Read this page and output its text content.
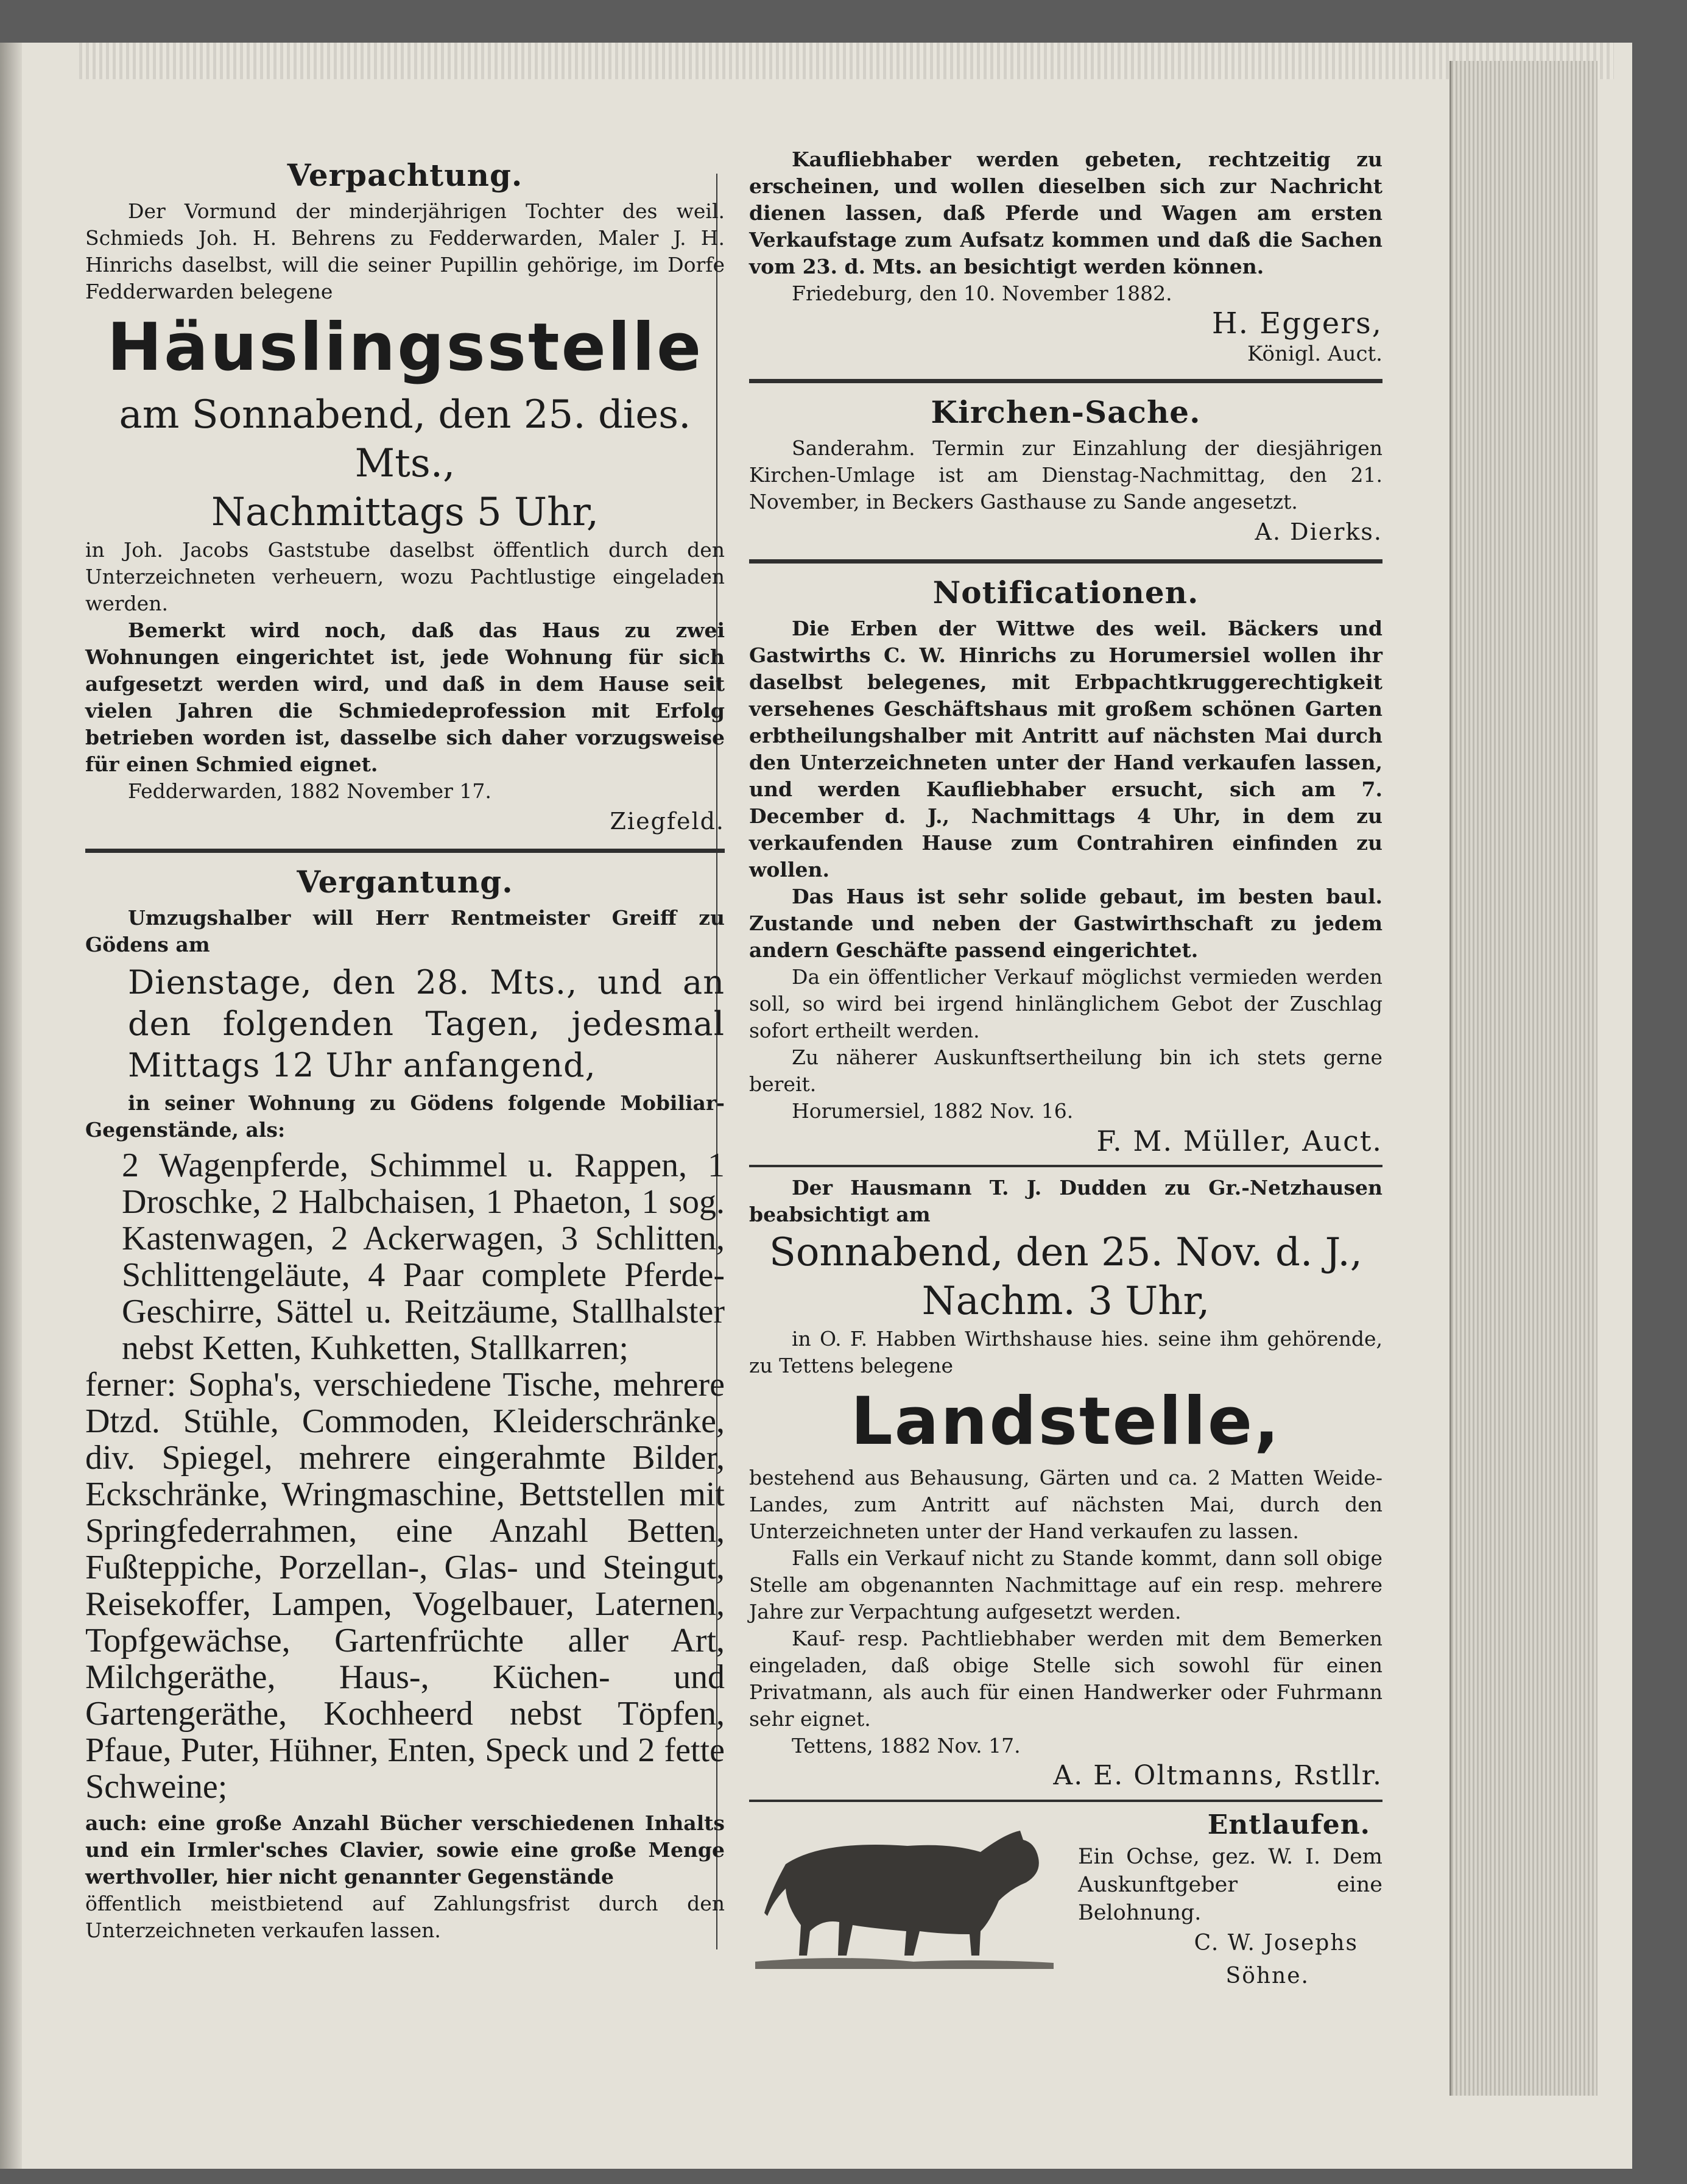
Verpachtung.

Der Vormund der minderjährigen Tochter des weil. Schmieds Joh. H. Behrens zu Fedderwarden, Maler J. H. Hinrichs daselbst, will die seiner Pupillin gehörige, im Dorfe Fedderwarden belegene

Häuslingsstelle

am Sonnabend, den 25. dies. Mts.,

Nachmittags 5 Uhr,

in Joh. Jacobs Gaststube daselbst öffentlich durch den Unterzeichneten verheuern, wozu Pachtlustige eingeladen werden.

Bemerkt wird noch, daß das Haus zu zwei Wohnungen eingerichtet ist, jede Wohnung für sich aufgesetzt werden wird, und daß in dem Hause seit vielen Jahren die Schmiedeprofession mit Erfolg betrieben worden ist, dasselbe sich daher vorzugsweise für einen Schmied eignet.

Fedderwarden, 1882 November 17.

Ziegfeld.

Vergantung.

Umzugshalber will Herr Rentmeister Greiff zu Gödens am

Dienstage, den 28. Mts., und an den folgenden Tagen, jedesmal Mittags 12 Uhr anfangend,

in seiner Wohnung zu Gödens folgende Mobiliar-Gegenstände, als:

2 Wagenpferde, Schimmel u. Rappen, 1 Droschke, 2 Halbchaisen, 1 Phaeton, 1 sog. Kastenwagen, 2 Ackerwagen, 3 Schlitten, Schlittengeläute, 4 Paar complete Pferde-Geschirre, Sättel u. Reitzäume, Stallhalster nebst Ketten, Kuhketten, Stallkarren;

ferner: Sopha's, verschiedene Tische, mehrere Dtzd. Stühle, Commoden, Kleiderschränke, div. Spiegel, mehrere eingerahmte Bilder, Eckschränke, Wringmaschine, Bettstellen mit Springfederrahmen, eine Anzahl Betten, Fußteppiche, Porzellan-, Glas- und Steingut, Reisekoffer, Lampen, Vogelbauer, Laternen, Topfgewächse, Gartenfrüchte aller Art, Milchgeräthe, Haus-, Küchen- und Gartengeräthe, Kochheerd nebst Töpfen, Pfaue, Puter, Hühner, Enten, Speck und 2 fette Schweine;

auch: eine große Anzahl Bücher verschiedenen Inhalts und ein Irmler'sches Clavier, sowie eine große Menge werthvoller, hier nicht genannter Gegenstände

öffentlich meistbietend auf Zahlungsfrist durch den Unterzeichneten verkaufen lassen.

Kaufliebhaber werden gebeten, rechtzeitig zu erscheinen, und wollen dieselben sich zur Nachricht dienen lassen, daß Pferde und Wagen am ersten Verkaufstage zum Aufsatz kommen und daß die Sachen vom 23. d. Mts. an besichtigt werden können.

Friedeburg, den 10. November 1882.

H. Eggers,

Königl. Auct.

Kirchen-Sache.

Sanderahm. Termin zur Einzahlung der diesjährigen Kirchen-Umlage ist am Dienstag-Nachmittag, den 21. November, in Beckers Gasthause zu Sande angesetzt.

A. Dierks.

Notificationen.

Die Erben der Wittwe des weil. Bäckers und Gastwirths C. W. Hinrichs zu Horumersiel wollen ihr daselbst belegenes, mit Erbpachtkruggerechtigkeit versehenes Geschäftshaus mit großem schönen Garten erbtheilungshalber mit Antritt auf nächsten Mai durch den Unterzeichneten unter der Hand verkaufen lassen, und werden Kaufliebhaber ersucht, sich am 7. December d. J., Nachmittags 4 Uhr, in dem zu verkaufenden Hause zum Contrahiren einfinden zu wollen.

Das Haus ist sehr solide gebaut, im besten baul. Zustande und neben der Gastwirthschaft zu jedem andern Geschäfte passend eingerichtet.

Da ein öffentlicher Verkauf möglichst vermieden werden soll, so wird bei irgend hinlänglichem Gebot der Zuschlag sofort ertheilt werden.

Zu näherer Auskunftsertheilung bin ich stets gerne bereit.

Horumersiel, 1882 Nov. 16.

F. M. Müller, Auct.

Der Hausmann T. J. Dudden zu Gr.-Netzhausen beabsichtigt am

Sonnabend, den 25. Nov. d. J.,

Nachm. 3 Uhr,

in O. F. Habben Wirthshause hies. seine ihm gehörende, zu Tettens belegene

Landstelle,

bestehend aus Behausung, Gärten und ca. 2 Matten Weide-Landes, zum Antritt auf nächsten Mai, durch den Unterzeichneten unter der Hand verkaufen zu lassen.

Falls ein Verkauf nicht zu Stande kommt, dann soll obige Stelle am obgenannten Nachmittage auf ein resp. mehrere Jahre zur Verpachtung aufgesetzt werden.

Kauf- resp. Pachtliebhaber werden mit dem Bemerken eingeladen, daß obige Stelle sich sowohl für einen Privatmann, als auch für einen Handwerker oder Fuhrmann sehr eignet.

Tettens, 1882 Nov. 17.

A. E. Oltmanns, Rstllr.

Entlaufen.

Ein Ochse, gez. W. I. Dem Auskunftgeber eine Belohnung.

C. W. Josephs

Söhne.
